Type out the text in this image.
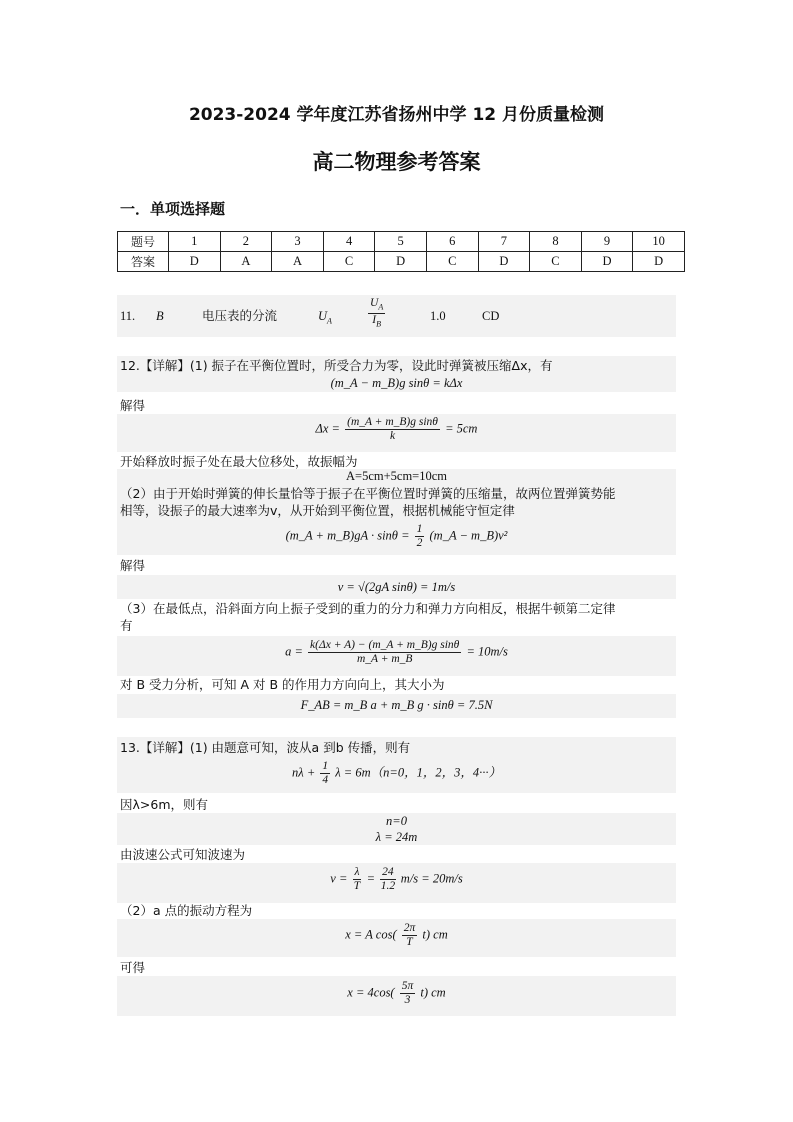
2023-2024 学年度江苏省扬州中学 12 月份质量检测
高二物理参考答案
一．单项选择题
题号	1	2	3	4	5	6	7	8	9	10
答案	D	A	A	C	D	C	D	C	D	D
11. B	电压表的分流	$U_A$	$\frac{U_A}{I_B}$	1.0	CD
12.【详解】(1) 振子在平衡位置时，所受合力为零，设此时弹簧被压缩Δx，有
(m_A − m_B)g sinθ = kΔx
解得
$\Delta x = \frac{\text{(m\_A + m\_B)g sinθ}}{k} = 5cm$
开始释放时振子处在最大位移处，故振幅为
A=5cm+5cm=10cm
（2）由于开始时弹簧的伸长量恰等于振子在平衡位置时弹簧的压缩量，故两位置弹簧势能
相等，设振子的最大速率为v，从开始到平衡位置，根据机械能守恒定律
(m_A + m_B)gA · $\sin\theta = \frac{1}{2}$ (m_A − m_B)v²
解得
v = √(2gA sinθ) = 1m/s
（3）在最低点，沿斜面方向上振子受到的重力的分力和弹力方向相反，根据牛顿第二定律
有
$a = \frac{\text{k(Δx + A) − (m\_A + m\_B)g sinθ}}{m\_A + m\_B} = 10m/s$
对 B 受力分析，可知 A 对 B 的作用力方向向上，其大小为
F_AB = m_B a + m_B g · sinθ = 7.5N
13.【详解】(1) 由题意可知，波从a 到b 传播，则有
$n\lambda + \frac{1}{4}$ λ = 6m（n=0，1，2，3，4···）
因λ>6m，则有
n=0
λ = 24m
由波速公式可知波速为
$v = \frac{\lambda}{T} = \frac{24}{1.2} m/s = 20m/s$
（2）a 点的振动方程为
x = A $\cos( \frac{2\pi}{T} t)$ cm
可得
$x = 4\cos( \frac{5\pi}{3} t)$ cm
